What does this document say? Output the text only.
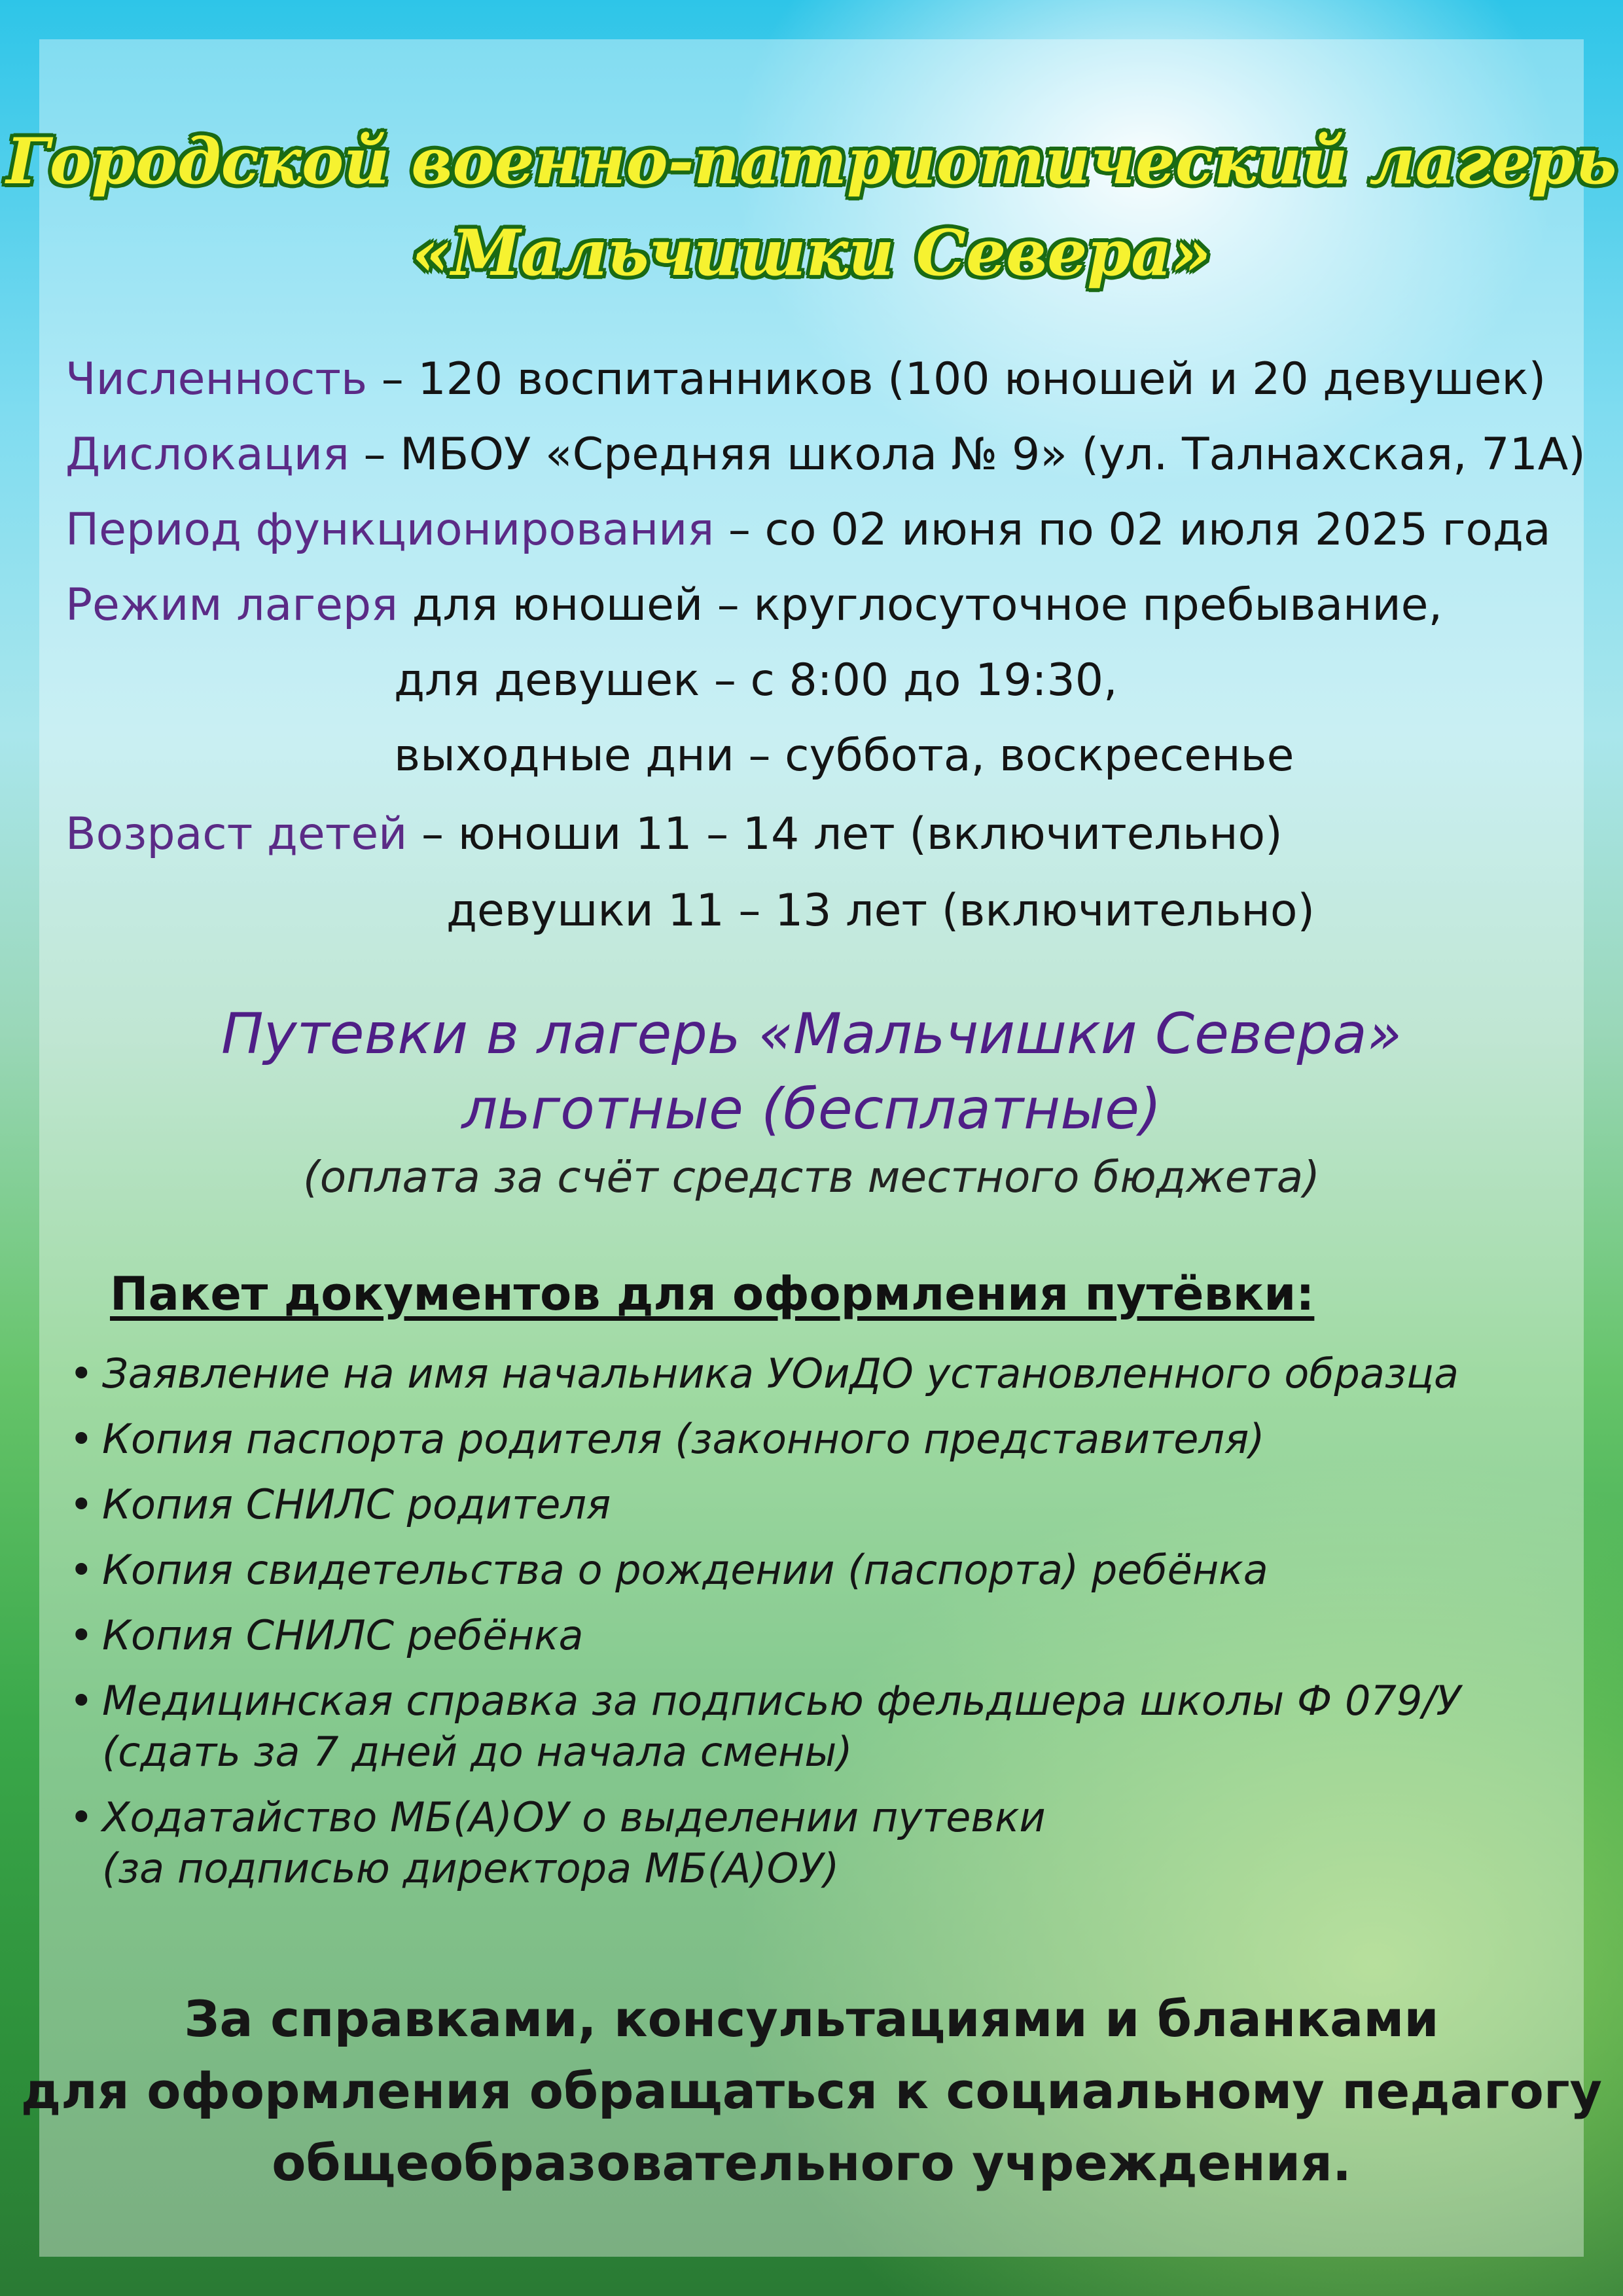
Городской военно-патриотический лагерь
«Мальчишки Севера»
Численность – 120 воспитанников (100 юношей и 20 девушек)
Дислокация – МБОУ «Средняя школа № 9» (ул. Талнахская, 71А)
Период функционирования – со 02 июня по 02 июля 2025 года
Режим лагеря для юношей – круглосуточное пребывание,
для девушек – с 8:00 до 19:30,
выходные дни – суббота, воскресенье
Возраст детей – юноши 11 – 14 лет (включительно)
девушки 11 – 13 лет (включительно)
Путевки в лагерь «Мальчишки Севера»
льготные (бесплатные)
(оплата за счёт средств местного бюджета)
Пакет документов для оформления путёвки:
• Заявление на имя начальника УОиДО установленного образца
• Копия паспорта родителя (законного представителя)
• Копия СНИЛС родителя
• Копия свидетельства о рождении (паспорта) ребёнка
• Копия СНИЛС ребёнка
• Медицинская справка за подписью фельдшера школы Ф 079/У
(сдать за 7 дней до начала смены)
• Ходатайство МБ(А)ОУ о выделении путевки
(за подписью директора МБ(А)ОУ)
За справками, консультациями и бланками
для оформления обращаться к социальному педагогу
общеобразовательного учреждения.
